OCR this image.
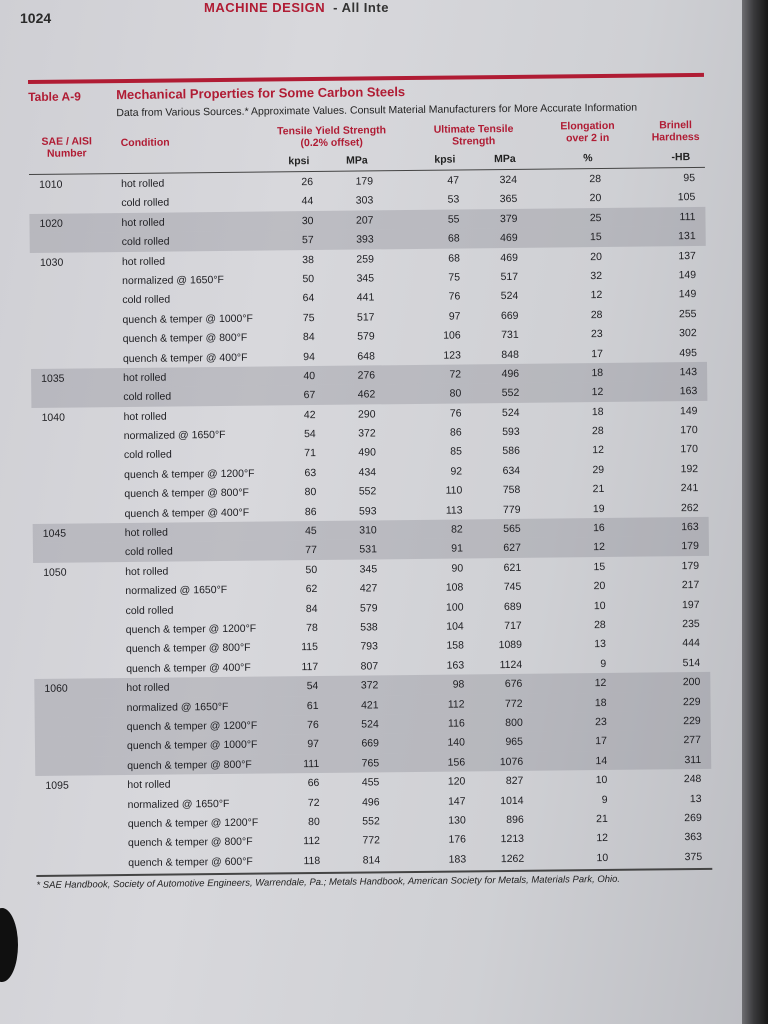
1024
MACHINE DESIGN - All Inte
Table A-9	Mechanical Properties for Some Carbon Steels
Data from Various Sources.* Approximate Values. Consult Material Manufacturers for More Accurate Information
SAE / AISI Number
Condition
Tensile Yield Strength (0.2% offset)
Ultimate Tensile Strength
Elongation over 2 in
Brinell Hardness
kpsi	MPa	kpsi	MPa	%	-HB
1010	hot rolled	26	179	47	324	28	95
cold rolled	44	303	53	365	20	105
1020	hot rolled	30	207	55	379	25	111
cold rolled	57	393	68	469	15	131
1030	hot rolled	38	259	68	469	20	137
normalized @ 1650°F	50	345	75	517	32	149
cold rolled	64	441	76	524	12	149
quench & temper @ 1000°F	75	517	97	669	28	255
quench & temper @ 800°F	84	579	106	731	23	302
quench & temper @ 400°F	94	648	123	848	17	495
1035	hot rolled	40	276	72	496	18	143
cold rolled	67	462	80	552	12	163
1040	hot rolled	42	290	76	524	18	149
normalized @ 1650°F	54	372	86	593	28	170
cold rolled	71	490	85	586	12	170
quench & temper @ 1200°F	63	434	92	634	29	192
quench & temper @ 800°F	80	552	110	758	21	241
quench & temper @ 400°F	86	593	113	779	19	262
1045	hot rolled	45	310	82	565	16	163
cold rolled	77	531	91	627	12	179
1050	hot rolled	50	345	90	621	15	179
normalized @ 1650°F	62	427	108	745	20	217
cold rolled	84	579	100	689	10	197
quench & temper @ 1200°F	78	538	104	717	28	235
quench & temper @ 800°F	115	793	158	1089	13	444
quench & temper @ 400°F	117	807	163	1124	9	514
1060	hot rolled	54	372	98	676	12	200
normalized @ 1650°F	61	421	112	772	18	229
quench & temper @ 1200°F	76	524	116	800	23	229
quench & temper @ 1000°F	97	669	140	965	17	277
quench & temper @ 800°F	111	765	156	1076	14	311
1095	hot rolled	66	455	120	827	10	248
normalized @ 1650°F	72	496	147	1014	9	13
quench & temper @ 1200°F	80	552	130	896	21	269
quench & temper @ 800°F	112	772	176	1213	12	363
quench & temper @ 600°F	118	814	183	1262	10	375
* SAE Handbook, Society of Automotive Engineers, Warrendale, Pa.; Metals Handbook, American Society for Metals, Materials Park, Ohio.
